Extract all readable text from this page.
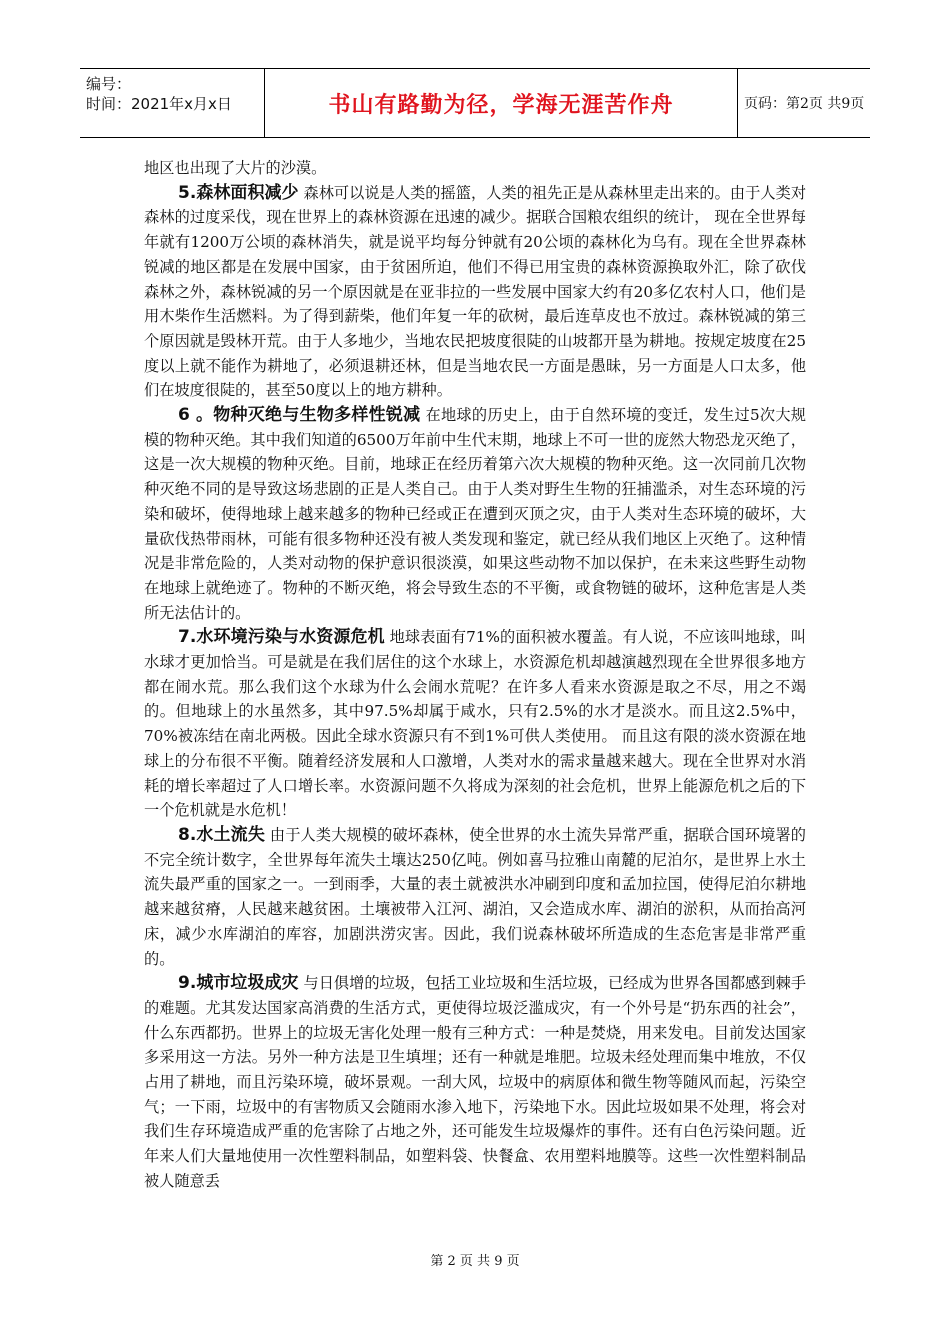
编号：
时间：2021年x月x日	书山有路勤为径，学海无涯苦作舟	页码：第2页 共9页

地区也出现了大片的沙漠。

5.森林面积减少 森林可以说是人类的摇篮，人类的祖先正是从森林里走出来的。由于人类对森林的过度采伐，现在世界上的森林资源在迅速的减少。据联合国粮农组织的统计， 现在全世界每年就有1200万公顷的森林消失，就是说平均每分钟就有20公顷的森林化为乌有。现在全世界森林锐减的地区都是在发展中国家，由于贫困所迫，他们不得已用宝贵的森林资源换取外汇，除了砍伐森林之外，森林锐减的另一个原因就是在亚非拉的一些发展中国家大约有20多亿农村人口，他们是用木柴作生活燃料。为了得到薪柴，他们年复一年的砍树，最后连草皮也不放过。森林锐减的第三个原因就是毁林开荒。由于人多地少，当地农民把坡度很陡的山坡都开垦为耕地。按规定坡度在25度以上就不能作为耕地了，必须退耕还林，但是当地农民一方面是愚昧，另一方面是人口太多，他们在坡度很陡的，甚至50度以上的地方耕种。

6 。物种灭绝与生物多样性锐减 在地球的历史上，由于自然环境的变迁，发生过5次大规模的物种灭绝。其中我们知道的6500万年前中生代末期，地球上不可一世的庞然大物恐龙灭绝了，这是一次大规模的物种灭绝。目前，地球正在经历着第六次大规模的物种灭绝。这一次同前几次物种灭绝不同的是导致这场悲剧的正是人类自己。由于人类对野生生物的狂捕滥杀，对生态环境的污染和破坏，使得地球上越来越多的物种已经或正在遭到灭顶之灾，由于人类对生态环境的破坏，大量砍伐热带雨林，可能有很多物种还没有被人类发现和鉴定，就已经从我们地区上灭绝了。这种情况是非常危险的，人类对动物的保护意识很淡漠，如果这些动物不加以保护，在未来这些野生动物在地球上就绝迹了。物种的不断灭绝，将会导致生态的不平衡，或食物链的破坏，这种危害是人类所无法估计的。

7.水环境污染与水资源危机 地球表面有71%的面积被水覆盖。有人说，不应该叫地球，叫水球才更加恰当。可是就是在我们居住的这个水球上，水资源危机却越演越烈现在全世界很多地方都在闹水荒。那么我们这个水球为什么会闹水荒呢？在许多人看来水资源是取之不尽，用之不竭的。但地球上的水虽然多，其中97.5%却属于咸水，只有2.5%的水才是淡水。而且这2.5%中，70%被冻结在南北两极。因此全球水资源只有不到1%可供人类使用。 而且这有限的淡水资源在地球上的分布很不平衡。随着经济发展和人口激增，人类对水的需求量越来越大。现在全世界对水消耗的增长率超过了人口增长率。水资源问题不久将成为深刻的社会危机，世界上能源危机之后的下一个危机就是水危机！

8.水土流失 由于人类大规模的破坏森林，使全世界的水土流失异常严重，据联合国环境署的不完全统计数字，全世界每年流失土壤达250亿吨。例如喜马拉雅山南麓的尼泊尔，是世界上水土流失最严重的国家之一。一到雨季，大量的表土就被洪水冲刷到印度和孟加拉国，使得尼泊尔耕地越来越贫瘠，人民越来越贫困。土壤被带入江河、湖泊，又会造成水库、湖泊的淤积，从而抬高河床，减少水库湖泊的库容，加剧洪涝灾害。因此，我们说森林破坏所造成的生态危害是非常严重的。

9.城市垃圾成灾 与日俱增的垃圾，包括工业垃圾和生活垃圾，已经成为世界各国都感到棘手的难题。尤其发达国家高消费的生活方式，更使得垃圾泛滥成灾，有一个外号是“扔东西的社会”，什么东西都扔。世界上的垃圾无害化处理一般有三种方式：一种是焚烧，用来发电。目前发达国家多采用这一方法。另外一种方法是卫生填埋；还有一种就是堆肥。垃圾未经处理而集中堆放，不仅占用了耕地，而且污染环境，破坏景观。一刮大风，垃圾中的病原体和微生物等随风而起，污染空气；一下雨，垃圾中的有害物质又会随雨水渗入地下，污染地下水。因此垃圾如果不处理，将会对我们生存环境造成严重的危害除了占地之外，还可能发生垃圾爆炸的事件。还有白色污染问题。近年来人们大量地使用一次性塑料制品，如塑料袋、快餐盒、农用塑料地膜等。这些一次性塑料制品被人随意丢

第 2 页 共 9 页
